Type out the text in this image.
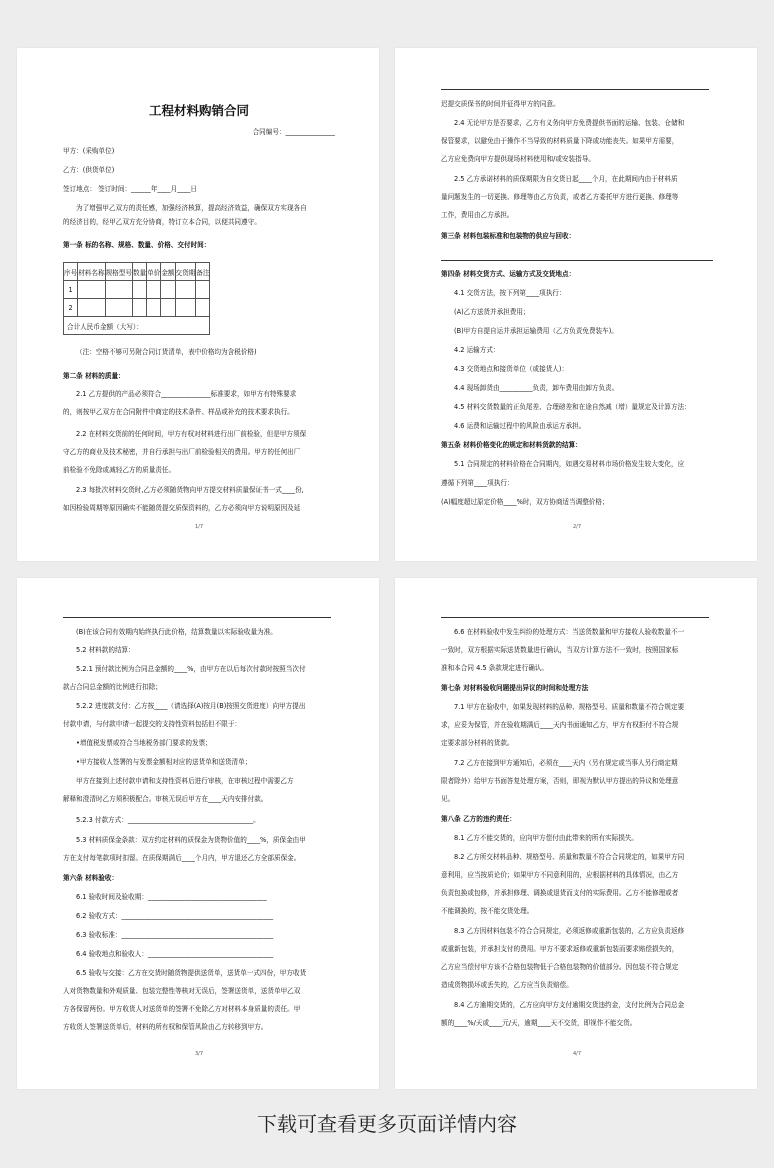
工程材料购销合同
合同编号：_______________
甲方：(采购单位)
乙方：(供货单位)
签订地点： 签订时间：______年____月____日
为了增强甲乙双方的责任感，加强经济核算，提高经济效益，确保双方实现各自
的经济目的，经甲乙双方充分协商，特订立本合同，以便共同遵守。
第一条 标的名称、规格、数量、价格、交付时间：
序号	材料名称	规格型号	数量	单价	金额	交货期	备注
1							
2							
合计人民币金额（大写）：							
（注：空格不够可另附合同订货清单，表中价格均为含税价格)
第二条 材料的质量：
2.1 乙方提供的产品必须符合_______________标准要求，如甲方有特殊要求
的，则按甲乙双方在合同附件中商定的技术条件、样品或补充的技术要求执行。
2.2 在材料交货前的任何时间，甲方有权对材料进行出厂前检验，但是甲方须保
守乙方的商业及技术秘密，并自行承担与出厂前检验相关的费用。甲方的任何出厂
前检验不免除或减轻乙方的质量责任。
2.3 每批次材料交货时,乙方必须随货物向甲方提交材料质量保证书一式____份,
如因检验周期等原因确实不能随货提交质保资料的，乙方必须向甲方说明原因及延
1/7
迟提交质保书的时间并征得甲方的同意。
2.4 无论甲方是否要求，乙方有义务向甲方免费提供书面的运输、包装、仓储和
保管要求，以避免由于操作不当导致的材料质量下降或功能丧失。如果甲方需要，
乙方应免费向甲方提供现场材料使用和/或安装指导。
2.5 乙方承诺材料的质保期限为自交货日起____个月，在此期间内由于材料质
量问题发生的一切更换、修理等由乙方负责，或者乙方委托甲方进行更换、修理等
工作，费用由乙方承担。
第三条 材料包装标准和包装物的供应与回收：
第四条 材料交货方式、运输方式及交货地点：
4.1 交货方法，按下列第____项执行：
(A)乙方送货并承担费用；
(B)甲方自提自运并承担运输费用（乙方负责免费装车)。
4.2 运输方式：
4.3 交货地点和接货单位（或接货人)：
4.4 现场卸货由__________负责，卸车费用由卸方负责。
4.5 材料交货数量的正负尾差、合理磅差和在途自然减（增）量规定及计算方法：
4.6 运费和运输过程中的风险由承运方承担。
第五条 材料价格变化的规定和材料货款的结算：
5.1 合同规定的材料价格在合同期内，如遇交易材料市场价格发生较大变化，应
遵循下列第____项执行：
(A)幅度超过原定价格____%时，双方协商适当调整价格；
2/7
(B)在该合同有效期内始终执行此价格，结算数量以实际验收量为准。
5.2 材料款的结算：
5.2.1 预付款比例为合同总金额的____%，由甲方在以后每次付款时按照当次付
款占合同总金额的比例进行扣除；
5.2.2 进度款支付：乙方按____（请选择(A)按月(B)按照交货进度）向甲方提出
付款申请，与付款申请一起提交的支持性资料包括但不限于：
•增值税发票或符合当地税务部门要求的发票；
•甲方接收人签署的与发票金额相对应的送货单和送货清单；
甲方在接到上述付款申请和支持性资料后进行审核，在审核过程中需要乙方
解释和澄清时乙方须积极配合。审核无误后甲方在____天内安排付款。
5.2.3 付款方式：______________________________________。
5.3 材料质保金条款：双方约定材料的质保金为货物价值的____%，质保金由甲
方在支付每笔款项时扣留。在质保期满后____个月内，甲方退还乙方全部质保金。
第六条 材料验收：
6.1 验收时间及验收期：____________________________________
6.2 验收方式：______________________________________________
6.3 验收标准：______________________________________________
6.4 验收地点和验收人：______________________________________
6.5 验收与交接：乙方在交货时随货物提供送货单，送货单一式四份，甲方收货
人对货物数量和外观质量、包装完整性等核对无误后，签署送货单，送货单甲乙双
方各保留两份。甲方收货人对送货单的签署不免除乙方对材料本身质量的责任。甲
方收货人签署送货单后，材料的所有权和保管风险由乙方转移到甲方。
3/7
6.6 在材料验收中发生纠纷的处理方式：当送货数量和甲方接收人验收数量不一
一致时，双方根据实际送货数量进行确认，当双方计算方法不一致时，按照国家标
准和本合同 4.5 条款规定进行确认。
第七条 对材料验收问题提出异议的时间和处理方法
7.1 甲方在验收中，如果发现材料的品种、规格型号、质量和数量不符合规定要
求，应妥为保管，并在验收期满后____天内书面通知乙方，甲方有权拒付不符合规
定要求部分材料的货款。
7.2 乙方在接到甲方通知后，必须在____天内（另有规定或当事人另行商定期
限者除外）给甲方书面答复处理方案，否则，即视为默认甲方提出的异议和处理意
见。
第八条 乙方的违约责任：
8.1 乙方不能交货的，应向甲方偿付由此带来的所有实际损失。
8.2 乙方所交材料品种、规格型号、质量和数量不符合合同规定的，如果甲方同
意利用，应当按质论价；如果甲方不同意利用的，应根据材料的具体情况，由乙方
负责包换或包修，并承担修理、调换或退货而支付的实际费用。乙方不能修理或者
不能调换的，按不能交货处理。
8.3 乙方因材料包装不符合合同规定，必须返修或重新包装的，乙方应负责返修
或重新包装，并承担支付的费用。甲方不要求返修或重新包装而要求赔偿损失的，
乙方应当偿付甲方该不合格包装物低于合格包装物的价值部分。因包装不符合规定
造成货物损坏或丢失的，乙方应当负责赔偿。
8.4 乙方逾期交货的，乙方应向甲方支付逾期交货违约金，支付比例为合同总金
额的____%/天或____元/天，逾期____天不交货，即视作不能交货。
4/7
下载可查看更多页面详情内容
